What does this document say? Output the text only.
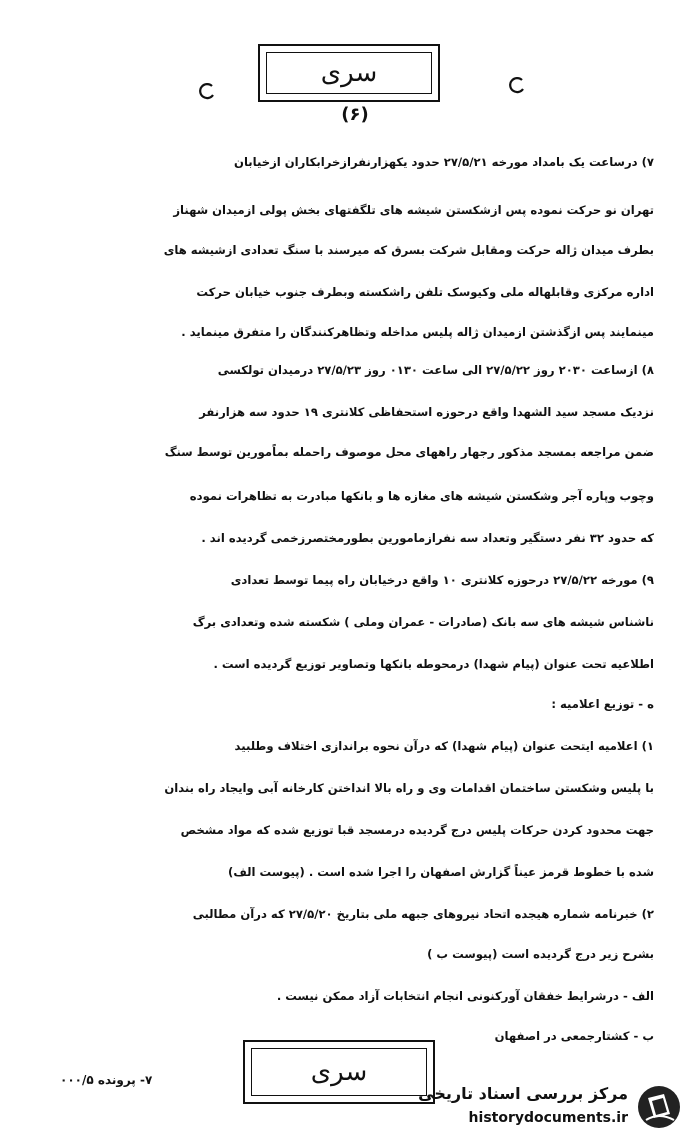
سری
(۶)
۷) درساعت یک بامداد مورخه ۲۷/۵/۲۱ حدود یکهزارنفرازخرابکاران ازخیابان
تهران نو حرکت نموده پس ازشکستن شیشه های تلگفتهای بخش پولی ازمیدان شهناز
بطرف میدان ژاله حرکت ومقابل شرکت بسرق که میرسند با سنگ تعدادی ازشیشه های
اداره مرکزی وقابلهاله ملی وکیوسک تلفن راشکسته وبطرف جنوب خیابان حرکت
مینمایند پس ازگذشتن ازمیدان ژاله پلیس مداخله وتظاهرکنندگان را متفرق مینماید .
۸) ازساعت ۲۰۳۰ روز ۲۷/۵/۲۲ الی ساعت ۰۱۳۰ روز ۲۷/۵/۲۳ درمیدان تولکسی
نزدیک مسجد سید الشهدا واقع درحوزه استحفاظی کلانتری ۱۹ حدود سه هزارنفر
ضمن مراجعه بمسجد مذکور رجهار راههای محل موصوف راحمله بماًمورین توسط سنگ
وچوب وپاره آجر وشکستن شیشه های مغازه ها و بانکها مبادرت به تظاهرات نموده
که حدود ۳۲ نفر دستگیر وتعداد سه نفرازمامورین بطورمختصرزخمی گردیده اند .
۹) مورخه ۲۷/۵/۲۲ درحوزه کلانتری ۱۰ واقع درخیابان راه پیما توسط تعدادی
ناشناس شیشه های سه بانک (صادرات - عمران وملی ) شکسته شده وتعدادی برگ
اطلاعیه تحت عنوان (پیام شهدا) درمحوطه بانکها وتصاویر توزیع گردیده است .
ه - توزیع اعلامیه :
۱) اعلامیه ایتحت عنوان (پیام شهدا) که درآن نحوه براندازی اختلاف وطلبید
با پلیس وشکستن ساختمان اقدامات وی و راه بالا انداختن کارخانه آبی وایجاد راه بندان
جهت محدود کردن حرکات پلیس درج گردیده درمسجد قبا توزیع شده که مواد مشخص
شده با خطوط قرمز عیناً گزارش اصفهان را اجرا شده است . (پیوست الف)
۲) خبرنامه شماره هیجده اتحاد نیروهای جبهه ملی بتاریخ ۲۷/۵/۲۰ که درآن مطالبی
بشرح زیر درج گردیده است (پیوست ب )
الف - درشرایط خفقان آورکنونی انجام انتخابات آزاد ممکن نیست .
ب - کشتارجمعی در اصفهان
سری
۷- پرونده ۰۰۰/۵
مرکز بررسی اسناد تاریخی
historydocuments.ir
